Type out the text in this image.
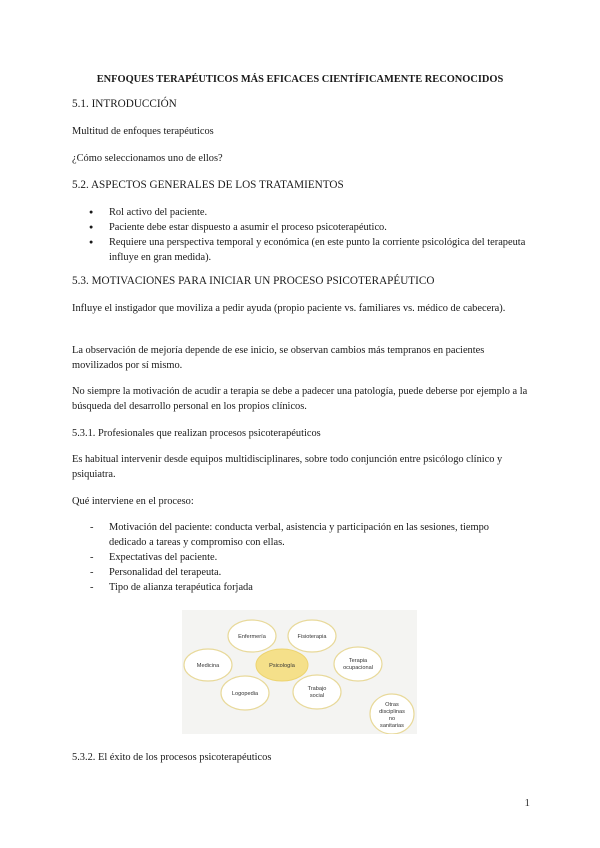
ENFOQUES TERAPÉUTICOS MÁS EFICACES CIENTÍFICAMENTE RECONOCIDOS

5.1. INTRODUCCIÓN

Multitud de enfoques terapéuticos

¿Cómo seleccionamos uno de ellos?

5.2. ASPECTOS GENERALES DE LOS TRATAMIENTOS

● Rol activo del paciente.
● Paciente debe estar dispuesto a asumir el proceso psicoterapéutico.
● Requiere una perspectiva temporal y económica (en este punto la corriente psicológica del terapeuta influye en gran medida).

5.3. MOTIVACIONES PARA INICIAR UN PROCESO PSICOTERAPÉUTICO

Influye el instigador que moviliza a pedir ayuda (propio paciente vs. familiares vs. médico de cabecera).

La observación de mejoría depende de ese inicio, se observan cambios más tempranos en pacientes movilizados por sí mismo.

No siempre la motivación de acudir a terapia se debe a padecer una patología, puede deberse por ejemplo a la búsqueda del desarrollo personal en los propios clínicos.

5.3.1. Profesionales que realizan procesos psicoterapéuticos

Es habitual intervenir desde equipos multidisciplinares, sobre todo conjunción entre psicólogo clínico y psiquiatra.

Qué interviene en el proceso:

- Motivación del paciente: conducta verbal, asistencia y participación en las sesiones, tiempo dedicado a tareas y compromiso con ellas.
- Expectativas del paciente.
- Personalidad del terapeuta.
- Tipo de alianza terapéutica forjada
Enfermería	Fisioterapia
Terapia
ocupacional
Medicina	Psicología
Logopedia
Trabajo
social
Otras
disciplinas
no
sanitarias

5.3.2. El éxito de los procesos psicoterapéuticos

1
